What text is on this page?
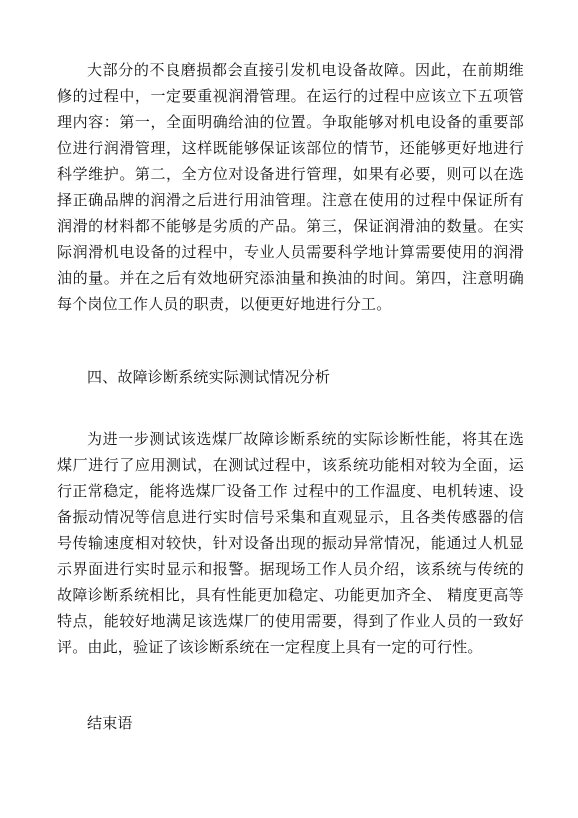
大部分的不良磨损都会直接引发机电设备故障。因此，在前期维修的过程中，一定要重视润滑管理。在运行的过程中应该立下五项管理内容：第一，全面明确给油的位置。争取能够对机电设备的重要部位进行润滑管理，这样既能够保证该部位的情节，还能够更好地进行科学维护。第二，全方位对设备进行管理，如果有必要，则可以在选择正确品牌的润滑之后进行用油管理。注意在使用的过程中保证所有润滑的材料都不能够是劣质的产品。第三，保证润滑油的数量。在实际润滑机电设备的过程中，专业人员需要科学地计算需要使用的润滑油的量。并在之后有效地研究添油量和换油的时间。第四，注意明确每个岗位工作人员的职责，以便更好地进行分工。

四、故障诊断系统实际测试情况分析

为进一步测试该选煤厂故障诊断系统的实际诊断性能，将其在选煤厂进行了应用测试，在测试过程中，该系统功能相对较为全面，运行正常稳定，能将选煤厂设备工作 过程中的工作温度、电机转速、设备振动情况等信息进行实时信号采集和直观显示，且各类传感器的信号传输速度相对较快，针对设备出现的振动异常情况，能通过人机显示界面进行实时显示和报警。据现场工作人员介绍，该系统与传统的故障诊断系统相比，具有性能更加稳定、功能更加齐全、 精度更高等特点，能较好地满足该选煤厂的使用需要，得到了作业人员的一致好评。由此，验证了该诊断系统在一定程度上具有一定的可行性。

结束语
